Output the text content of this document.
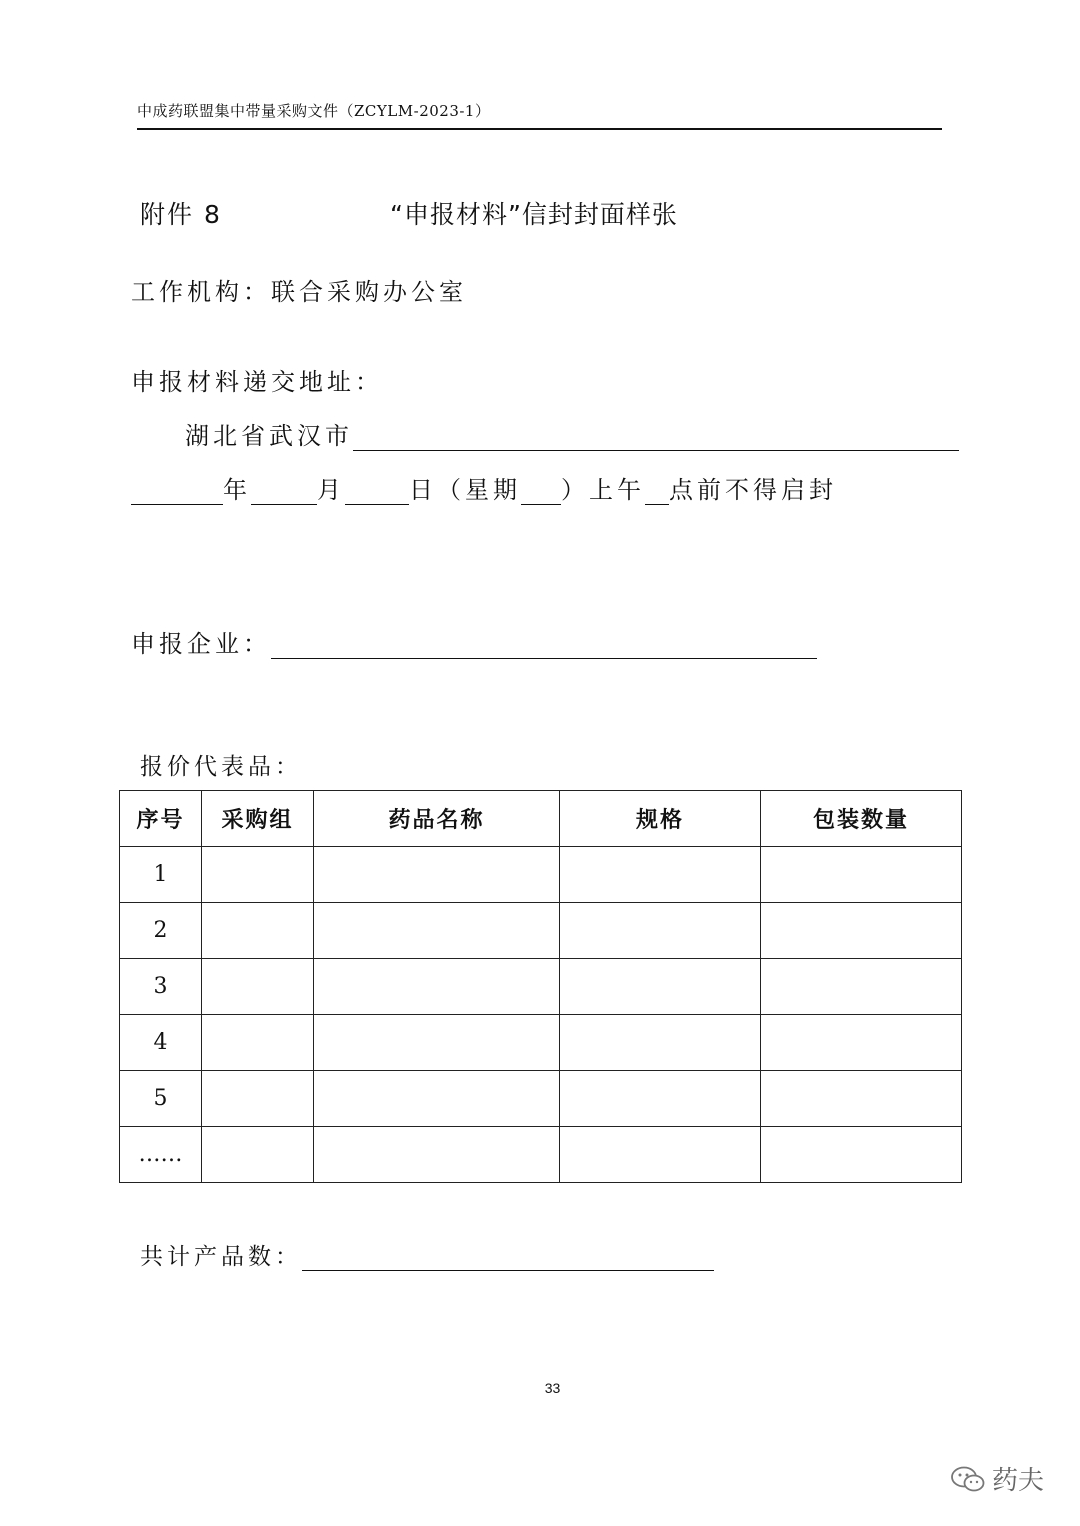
中成药联盟集中带量采购文件（ZCYLM-2023-1）
附件 8	“申报材料”信封封面样张
工作机构：联合采购办公室
申报材料递交地址：
湖北省武汉市
年	月	日（星期 ）上午 点前不得启封
申报企业：
报价代表品：
序号	采购组	药品名称	规格	包装数量
1				
2				
3				
4				
5				
……				
共计产品数：
33
药夫
